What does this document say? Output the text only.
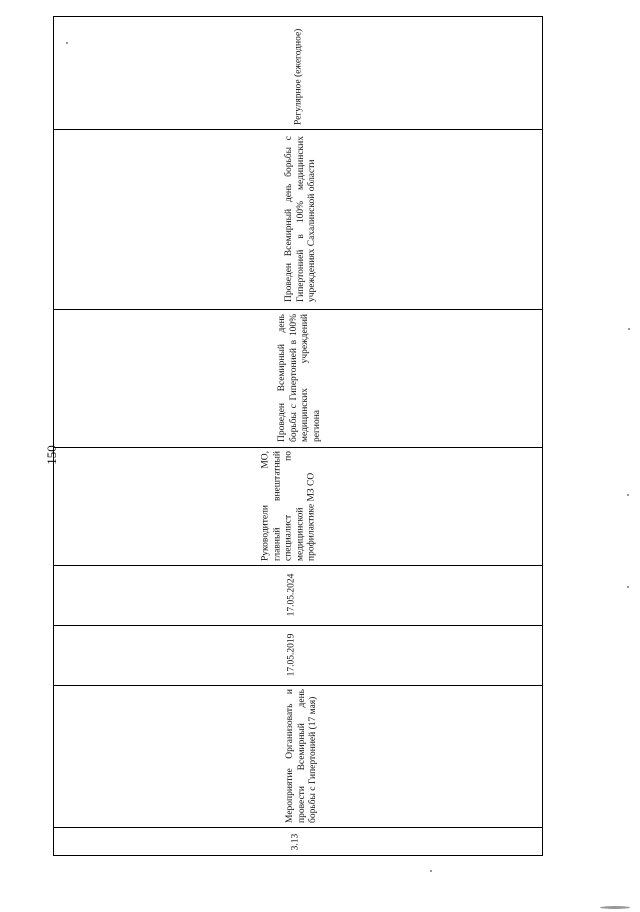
150
Регулярное (ежегодное)
Проведен Всемирный день борьбы с Гипертонией в 100% медицинских учреждениях Сахалинской области
Проведен Всемирный день борьбы с Гипертонией в 100% медицинских учреждений региона
Руководители МО, главный внештатный специалист по медицинской профилактике МЗ СО
17.05.2024
17.05.2019
Мероприятие Организовать и провести Всемирный день борьбы с Гипертонией (17 мая)
3.13
